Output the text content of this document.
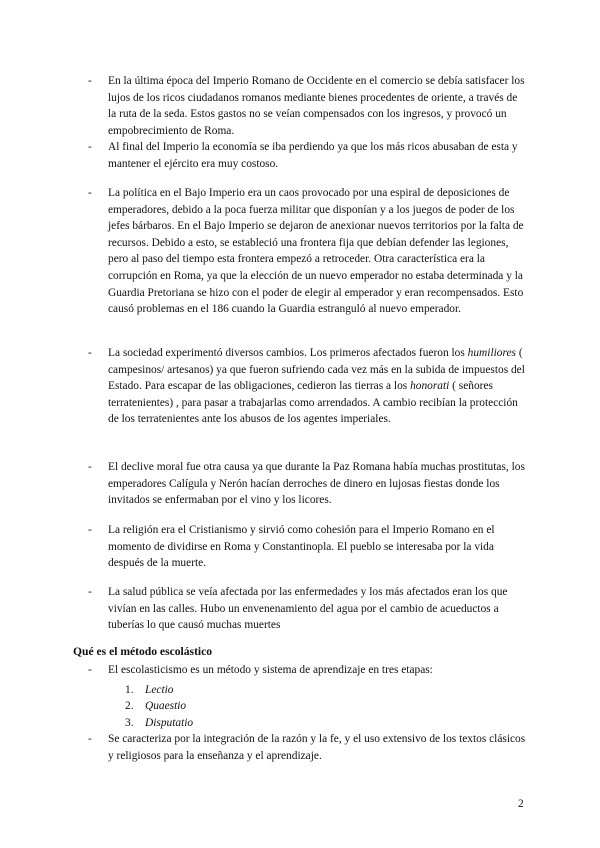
- En la última época del Imperio Romano de Occidente en el comercio se debía satisfacer los lujos de los ricos ciudadanos romanos mediante bienes procedentes de oriente, a través de la ruta de la seda. Estos gastos no se veían compensados con los ingresos, y provocó un empobrecimiento de Roma.
- Al final del Imperio la economía se iba perdiendo ya que los más ricos abusaban de esta y mantener el ejército era muy costoso.
- La política en el Bajo Imperio era un caos provocado por una espiral de deposiciones de emperadores, debido a la poca fuerza militar que disponían y a los juegos de poder de los jefes bárbaros. En el Bajo Imperio se dejaron de anexionar nuevos territorios por la falta de recursos. Debido a esto, se estableció una frontera fija que debían defender las legiones, pero al paso del tiempo esta frontera empezó a retroceder. Otra característica era la corrupción en Roma, ya que la elección de un nuevo emperador no estaba determinada y la Guardia Pretoriana se hizo con el poder de elegir al emperador y eran recompensados. Esto causó problemas en el 186 cuando la Guardia estranguló al nuevo emperador.
- La sociedad experimentó diversos cambios. Los primeros afectados fueron los humiliores ( campesinos/ artesanos) ya que fueron sufriendo cada vez más en la subida de impuestos del Estado. Para escapar de las obligaciones, cedieron las tierras a los honorati ( señores terratenientes) , para pasar a trabajarlas como arrendados. A cambio recibían la protección de los terratenientes ante los abusos de los agentes imperiales.
- El declive moral fue otra causa ya que durante la Paz Romana había muchas prostitutas, los emperadores Calígula y Nerón hacían derroches de dinero en lujosas fiestas donde los invitados se enfermaban por el vino y los licores.
- La religión era el Cristianismo y sirvió como cohesión para el Imperio Romano en el momento de dividirse en Roma y Constantinopla. El pueblo se interesaba por la vida después de la muerte.
- La salud pública se veía afectada por las enfermedades y los más afectados eran los que vivían en las calles. Hubo un envenenamiento del agua por el cambio de acueductos a tuberías lo que causó muchas muertes
Qué es el método escolástico
- El escolasticismo es un método y sistema de aprendizaje en tres etapas:
1. Lectio
2. Quaestio
3. Disputatio
- Se caracteriza por la integración de la razón y la fe, y el uso extensivo de los textos clásicos y religiosos para la enseñanza y el aprendizaje.
2
